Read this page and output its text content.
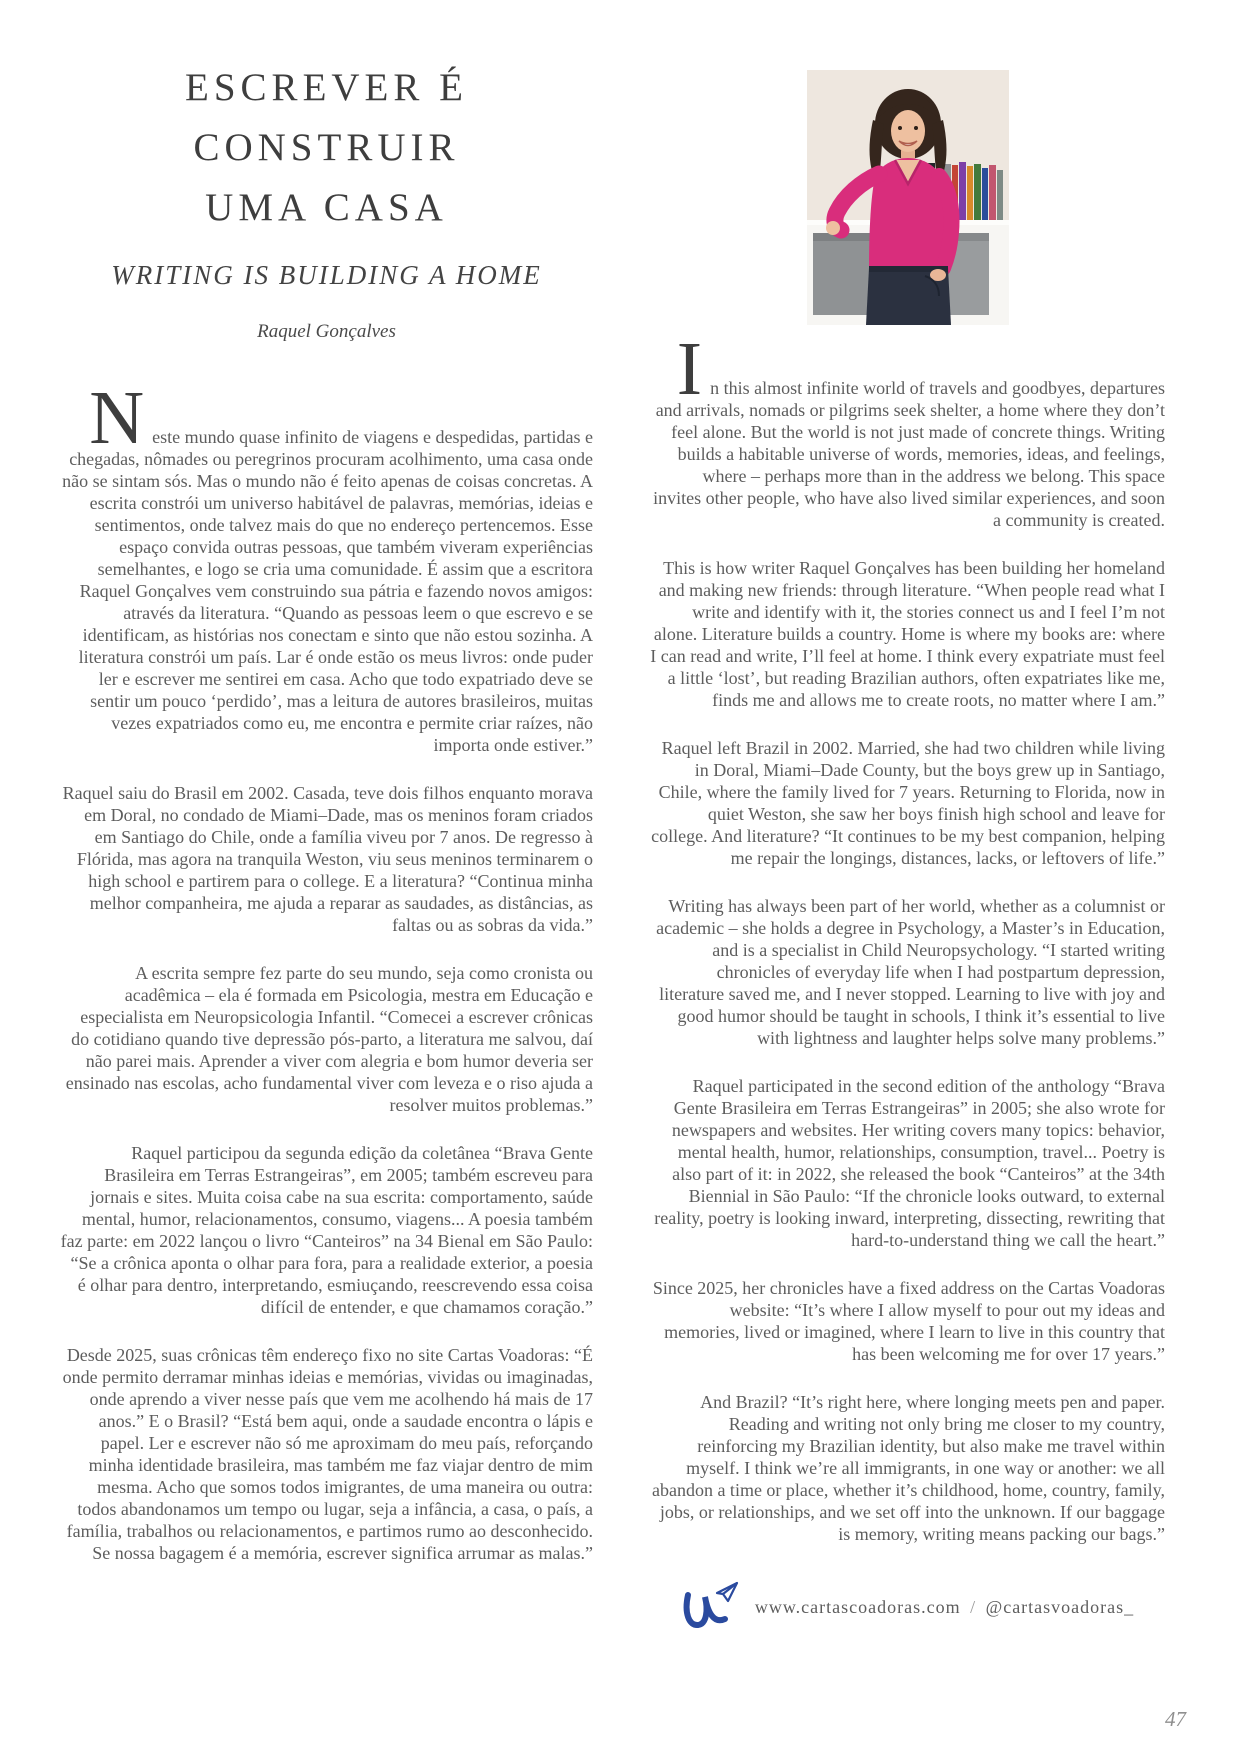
ESCREVER É CONSTRUIR
UMA CASA
WRITING IS BUILDING A HOME
Raquel Gonçalves

Neste mundo quase infinito de viagens e despedidas, partidas e chegadas, nômades ou peregrinos procuram acolhimento, uma casa onde não se sintam sós. Mas o mundo não é feito apenas de coisas concretas. A escrita constrói um universo habitável de palavras, memórias, ideias e sentimentos, onde talvez mais do que no endereço pertencemos. Esse espaço convida outras pessoas, que também viveram experiências semelhantes, e logo se cria uma comunidade. É assim que a escritora Raquel Gonçalves vem construindo sua pátria e fazendo novos amigos: através da literatura. “Quando as pessoas leem o que escrevo e se identificam, as histórias nos conectam e sinto que não estou sozinha. A literatura constrói um país. Lar é onde estão os meus livros: onde puder ler e escrever me sentirei em casa. Acho que todo expatriado deve se sentir um pouco ‘perdido’, mas a leitura de autores brasileiros, muitas vezes expatriados como eu, me encontra e permite criar raízes, não importa onde estiver.”

Raquel saiu do Brasil em 2002. Casada, teve dois filhos enquanto morava em Doral, no condado de Miami–Dade, mas os meninos foram criados em Santiago do Chile, onde a família viveu por 7 anos. De regresso à Flórida, mas agora na tranquila Weston, viu seus meninos terminarem o high school e partirem para o college. E a literatura? “Continua minha melhor companheira, me ajuda a reparar as saudades, as distâncias, as faltas ou as sobras da vida.”

A escrita sempre fez parte do seu mundo, seja como cronista ou acadêmica – ela é formada em Psicologia, mestra em Educação e especialista em Neuropsicologia Infantil. “Comecei a escrever crônicas do cotidiano quando tive depressão pós-parto, a literatura me salvou, daí não parei mais. Aprender a viver com alegria e bom humor deveria ser ensinado nas escolas, acho fundamental viver com leveza e o riso ajuda a resolver muitos problemas.”

Raquel participou da segunda edição da coletânea “Brava Gente Brasileira em Terras Estrangeiras”, em 2005; também escreveu para jornais e sites. Muita coisa cabe na sua escrita: comportamento, saúde mental, humor, relacionamentos, consumo, viagens... A poesia também faz parte: em 2022 lançou o livro “Canteiros” na 34 Bienal em São Paulo: “Se a crônica aponta o olhar para fora, para a realidade exterior, a poesia é olhar para dentro, interpretando, esmiuçando, reescrevendo essa coisa difícil de entender, e que chamamos coração.”

Desde 2025, suas crônicas têm endereço fixo no site Cartas Voadoras: “É onde permito derramar minhas ideias e memórias, vividas ou imaginadas, onde aprendo a viver nesse país que vem me acolhendo há mais de 17 anos.” E o Brasil? “Está bem aqui, onde a saudade encontra o lápis e papel. Ler e escrever não só me aproximam do meu país, reforçando minha identidade brasileira, mas também me faz viajar dentro de mim mesma. Acho que somos todos imigrantes, de uma maneira ou outra: todos abandonamos um tempo ou lugar, seja a infância, a casa, o país, a família, trabalhos ou relacionamentos, e partimos rumo ao desconhecido. Se nossa bagagem é a memória, escrever significa arrumar as malas.”

In this almost infinite world of travels and goodbyes, departures and arrivals, nomads or pilgrims seek shelter, a home where they don’t feel alone. But the world is not just made of concrete things. Writing builds a habitable universe of words, memories, ideas, and feelings, where – perhaps more than in the address we belong. This space invites other people, who have also lived similar experiences, and soon a community is created.

This is how writer Raquel Gonçalves has been building her homeland and making new friends: through literature. “When people read what I write and identify with it, the stories connect us and I feel I’m not alone. Literature builds a country. Home is where my books are: where I can read and write, I’ll feel at home. I think every expatriate must feel a little ‘lost’, but reading Brazilian authors, often expatriates like me, finds me and allows me to create roots, no matter where I am.”

Raquel left Brazil in 2002. Married, she had two children while living in Doral, Miami–Dade County, but the boys grew up in Santiago, Chile, where the family lived for 7 years. Returning to Florida, now in quiet Weston, she saw her boys finish high school and leave for college. And literature? “It continues to be my best companion, helping me repair the longings, distances, lacks, or leftovers of life.”

Writing has always been part of her world, whether as a columnist or academic – she holds a degree in Psychology, a Master’s in Education, and is a specialist in Child Neuropsychology. “I started writing chronicles of everyday life when I had postpartum depression, literature saved me, and I never stopped. Learning to live with joy and good humor should be taught in schools, I think it’s essential to live with lightness and laughter helps solve many problems.”

Raquel participated in the second edition of the anthology “Brava Gente Brasileira em Terras Estrangeiras” in 2005; she also wrote for newspapers and websites. Her writing covers many topics: behavior, mental health, humor, relationships, consumption, travel... Poetry is also part of it: in 2022, she released the book “Canteiros” at the 34th Biennial in São Paulo: “If the chronicle looks outward, to external reality, poetry is looking inward, interpreting, dissecting, rewriting that hard-to-understand thing we call the heart.”

Since 2025, her chronicles have a fixed address on the Cartas Voadoras website: “It’s where I allow myself to pour out my ideas and memories, lived or imagined, where I learn to live in this country that has been welcoming me for over 17 years.”

And Brazil? “It’s right here, where longing meets pen and paper. Reading and writing not only bring me closer to my country, reinforcing my Brazilian identity, but also make me travel within myself. I think we’re all immigrants, in one way or another: we all abandon a time or place, whether it’s childhood, home, country, family, jobs, or relationships, and we set off into the unknown. If our baggage is memory, writing means packing our bags.”

www.cartascoadoras.com / @cartasvoadoras_
47
